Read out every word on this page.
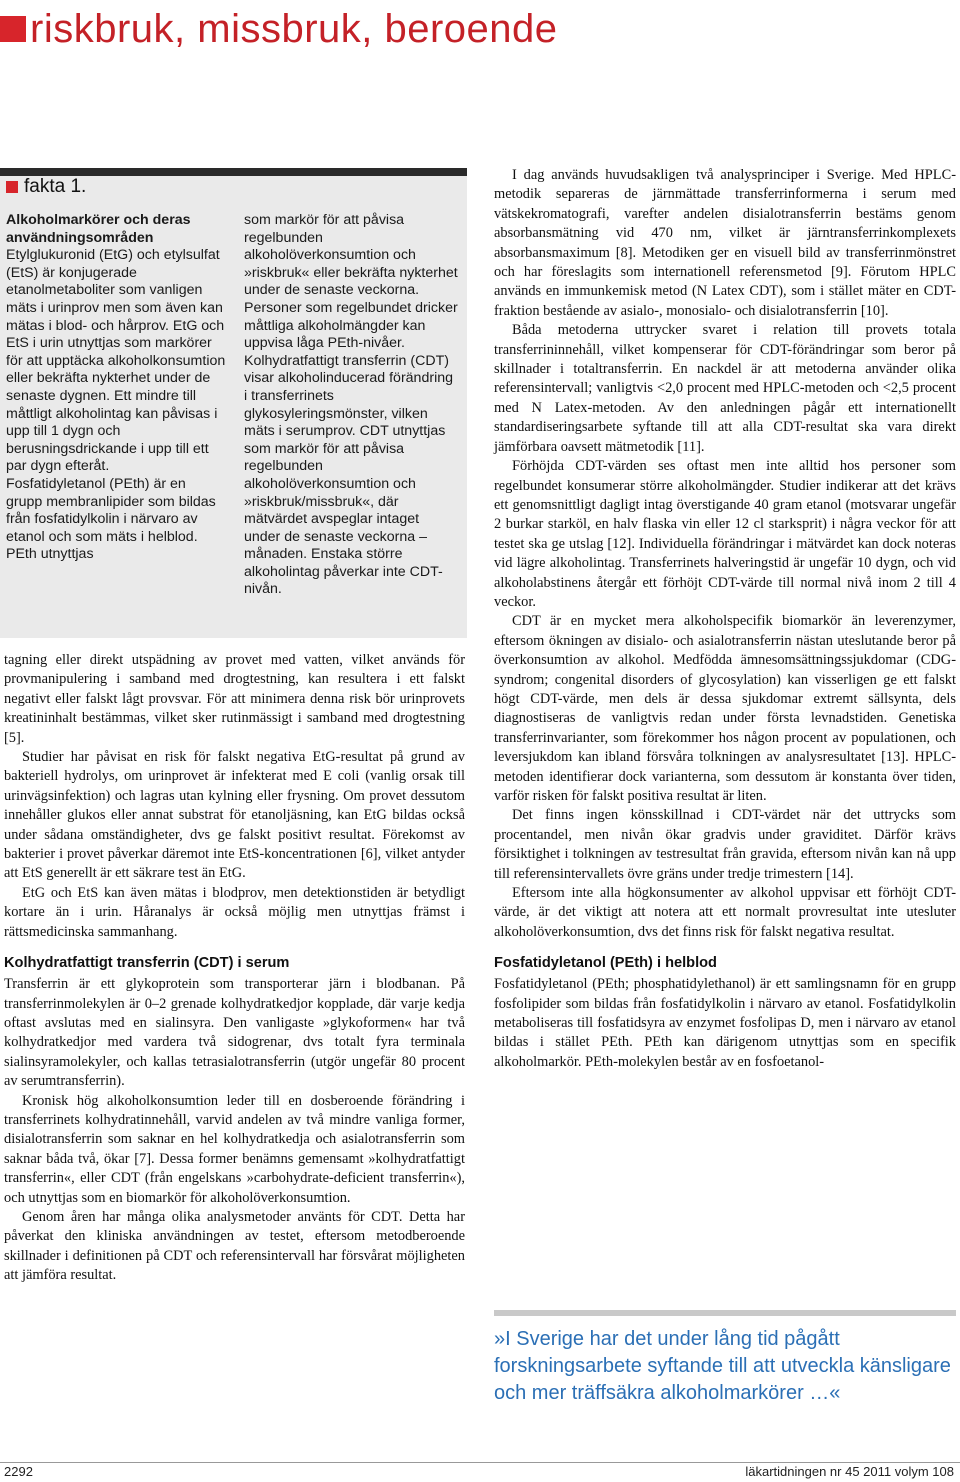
riskbruk, missbruk, beroende
fakta 1.

Alkoholmarkörer och deras användningsområden

Etylglukuronid (EtG) och etylsulfat (EtS) är konjugerade etanolmetaboliter som vanligen mäts i urinprov men som även kan mätas i blod- och hårprov. EtG och EtS i urin utnyttjas som markörer för att upptäcka alkoholkonsumtion eller bekräfta nykterhet under de senaste dygnen. Ett mindre till måttligt alkoholintag kan påvisas i upp till 1 dygn och berusningsdrickande i upp till ett par dygn efteråt.

Fosfatidyletanol (PEth) är en grupp membranlipider som bildas från fosfatidylkolin i närvaro av etanol och som mäts i helblod. PEth utnyttjas

som markör för att påvisa regelbunden alkoholöverkonsumtion och »riskbruk« eller bekräfta nykterhet under de senaste veckorna. Personer som regelbundet dricker måttliga alkoholmängder kan uppvisa låga PEth-nivåer.

Kolhydratfattigt transferrin (CDT) visar alkoholinducerad förändring i transferrinets glykosyleringsmönster, vilken mäts i serumprov. CDT utnyttjas som markör för att påvisa regelbunden alkoholöverkonsumtion och »riskbruk/missbruk«, där mätvärdet avspeglar intaget under de senaste veckorna – månaden. Enstaka större alkoholintag påverkar inte CDT-nivån.

tagning eller direkt utspädning av provet med vatten, vilket används för provmanipulering i samband med drogtestning, kan resultera i ett falskt negativt eller falskt lågt provsvar. För att minimera denna risk bör urinprovets kreatininhalt bestämmas, vilket sker rutinmässigt i samband med drogtestning [5].

Studier har påvisat en risk för falskt negativa EtG-resultat på grund av bakteriell hydrolys, om urinprovet är infekterat med E coli (vanlig orsak till urinvägsinfektion) och lagras utan kylning eller frysning. Om provet dessutom innehåller glukos eller annat substrat för etanoljäsning, kan EtG bildas också under sådana omständigheter, dvs ge falskt positivt resultat. Förekomst av bakterier i provet påverkar däremot inte EtS-koncentrationen [6], vilket antyder att EtS generellt är ett säkrare test än EtG.

EtG och EtS kan även mätas i blodprov, men detektionstiden är betydligt kortare än i urin. Håranalys är också möjlig men utnyttjas främst i rättsmedicinska sammanhang.

Kolhydratfattigt transferrin (CDT) i serum

Transferrin är ett glykoprotein som transporterar järn i blodbanan. På transferrinmolekylen är 0–2 grenade kolhydratkedjor kopplade, där varje kedja oftast avslutas med en sialinsyra. Den vanligaste »glykoformen« har två kolhydratkedjor med vardera två sidogrenar, dvs totalt fyra terminala sialinsyramolekyler, och kallas tetrasialotransferrin (utgör ungefär 80 procent av serumtransferrin).

Kronisk hög alkoholkonsumtion leder till en dosberoende förändring i transferrinets kolhydratinnehåll, varvid andelen av två mindre vanliga former, disialotransferrin som saknar en hel kolhydratkedja och asialotransferrin som saknar båda två, ökar [7]. Dessa former benämns gemensamt »kolhydratfattigt transferrin«, eller CDT (från engelskans »carbohydrate-deficient transferrin«), och utnyttjas som en biomarkör för alkoholöverkonsumtion.

Genom åren har många olika analysmetoder använts för CDT. Detta har påverkat den kliniska användningen av testet, eftersom metodberoende skillnader i definitionen på CDT och referensintervall har försvårat möjligheten att jämföra resultat.

I dag används huvudsakligen två analysprinciper i Sverige. Med HPLC-metodik separeras de järnmättade transferrinformerna i serum med vätskekromatografi, varefter andelen disialotransferrin bestäms genom absorbansmätning vid 470 nm, vilket är järntransferrinkomplexets absorbansmaximum [8]. Metodiken ger en visuell bild av transferrinmönstret och har föreslagits som internationell referensmetod [9]. Förutom HPLC används en immunkemisk metod (N Latex CDT), som i stället mäter en CDT-fraktion bestående av asialo-, monosialo- och disialotransferrin [10].

Båda metoderna uttrycker svaret i relation till provets totala transferrininnehåll, vilket kompenserar för CDT-förändringar som beror på skillnader i totaltransferrin. En nackdel är att metoderna använder olika referensintervall; vanligtvis <2,0 procent med HPLC-metoden och <2,5 procent med N Latex-metoden. Av den anledningen pågår ett internationellt standardiseringsarbete syftande till att alla CDT-resultat ska vara direkt jämförbara oavsett mätmetodik [11].

Förhöjda CDT-värden ses oftast men inte alltid hos personer som regelbundet konsumerar större alkoholmängder. Studier indikerar att det krävs ett genomsnittligt dagligt intag överstigande 40 gram etanol (motsvarar ungefär 2 burkar starköl, en halv flaska vin eller 12 cl starksprit) i några veckor för att testet ska ge utslag [12]. Individuella förändringar i mätvärdet kan dock noteras vid lägre alkoholintag. Transferrinets halveringstid är ungefär 10 dygn, och vid alkoholabstinens återgår ett förhöjt CDT-värde till normal nivå inom 2 till 4 veckor.

CDT är en mycket mera alkoholspecifik biomarkör än leverenzymer, eftersom ökningen av disialo- och asialotransferrin nästan uteslutande beror på överkonsumtion av alkohol. Medfödda ämnesomsättningssjukdomar (CDG-syndrom; congenital disorders of glycosylation) kan visserligen ge ett falskt högt CDT-värde, men dels är dessa sjukdomar extremt sällsynta, dels diagnostiseras de vanligtvis redan under första levnadstiden. Genetiska transferrinvarianter, som förekommer hos någon procent av populationen, och leversjukdom kan ibland försvåra tolkningen av analysresultatet [13]. HPLC-metoden identifierar dock varianterna, som dessutom är konstanta över tiden, varför risken för falskt positiva resultat är liten.

Det finns ingen könsskillnad i CDT-värdet när det uttrycks som procentandel, men nivån ökar gradvis under graviditet. Därför krävs försiktighet i tolkningen av testresultat från gravida, eftersom nivån kan nå upp till referensintervallets övre gräns under tredje trimestern [14].

Eftersom inte alla högkonsumenter av alkohol uppvisar ett förhöjt CDT-värde, är det viktigt att notera att ett normalt provresultat inte utesluter alkoholöverkonsumtion, dvs det finns risk för falskt negativa resultat.

Fosfatidyletanol (PEth) i helblod

Fosfatidyletanol (PEth; phosphatidylethanol) är ett samlingsnamn för en grupp fosfolipider som bildas från fosfatidylkolin i närvaro av etanol. Fosfatidylkolin metaboliseras till fosfatidsyra av enzymet fosfolipas D, men i närvaro av etanol bildas i stället PEth. PEth kan därigenom utnyttjas som en specifik alkoholmarkör. PEth-molekylen består av en fosfoetanol-

»I Sverige har det under lång tid pågått forskningsarbete syftande till att utveckla känsligare och mer träffsäkra alkoholmarkörer …«
2292	läkartidningen nr 45 2011 volym 108
